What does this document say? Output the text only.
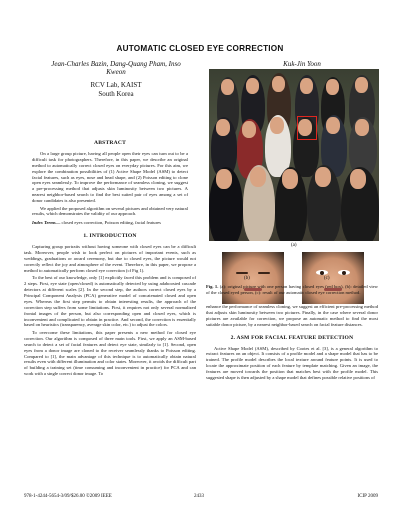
AUTOMATIC CLOSED EYE CORRECTION
Jean-Charles Bazin, Dang-Quang Pham, Inso Kweon
Kuk-Jin Yoon
RCV Lab, KAIST
South Korea
ABSTRACT

On a large group picture, having all people open their eyes can turn out to be a difficult task for photographers. Therefore, in this paper, we describe an original method to automatically correct closed eyes on everyday pictures. For this aim, we explore the combination possibilities of (1) Active Shape Model (ASM) to detect facial features, such as eyes, nose and head shape, and (2) Poisson editing to clone open eyes seamlessly. To improve the performance of seamless cloning, we suggest a pre-processing method that adjusts skin luminosity between two pictures. A nearest neighbor-based search to find the best suited pair of eyes among a set of donor candidates is also presented.

We applied the proposed algorithm on several pictures and obtained very natural results, which demonstrates the validity of our approach.

Index Terms— closed eyes correction, Poisson editing, facial features
1. INTRODUCTION

Capturing group portraits without having someone with closed eyes can be a difficult task. Moreover, people wish to look perfect on pictures of important events, such as weddings, graduations or award ceremony, but due to closed eyes, the picture would not correctly reflect the joy and atmosphere of the event. Therefore, in this paper, we propose a method to automatically perform closed eye correction (cf Fig 1).

To the best of our knowledge, only [1] explicitly faced this problem and is composed of 2 steps. First, eye state (open/closed) is automatically detected by using adaboosted cascade detectors at different scales [2]. In the second step, the authors correct closed eyes by a Principal Component Analysis (PCA) generative model of concatenated closed and open eyes. Whereas the first step permits to obtain interesting results, the approach of the correction step suffers from some limitations. First, it requires not only several normalized frontal images of the person, but also corresponding open and closed eyes, which is inconvenient and complicated to obtain in practice. And second, the correction is essentially based on heuristics (transparency, average skin color, etc.) to adjust the colors.

To overcome these limitations, this paper presents a new method for closed eye correction. Our algorithm is composed of three main tools. First, we apply an ASM-based search to detect a set of facial features and detect eye state, similarly to [1]. Second, open eyes from a donor image are cloned to the receiver seamlessly thanks to Poisson editing. Compared to [1], the main advantage of this technique is to automatically obtain natural results even with different illumination and color states. Moreover, it avoids the difficult part of building a training set (time consuming and inconvenient in practice) for PCA and can work with a single correct donor image. To

(a)
(b)	(c)
Fig. 1. (a): original picture with one person having closed eyes (red box), (b): detailed view of the closed eyed person, (c): result of our automatic closed eye correction method.

enhance the performance of seamless cloning, we suggest an efficient pre-processing method that adjusts skin luminosity between two pictures. Finally, in the case where several donor pictures are available for correction, we propose an automatic method to find the most suitable donor picture, by a nearest neighbor-based search on facial feature distances.

2. ASM FOR FACIAL FEATURE DETECTION

Active Shape Model (ASM), described by Cootes et al. [3], is a general algorithm to extract features on an object. It consists of a profile model and a shape model that has to be trained. The profile model describes the local texture around feature points. It is used to locate the approximate position of each feature by template matching. Given an image, the features are moved towards the position that matches best with the profile model. This suggested shape is then adjusted by a shape model that defines possible relative positions of

978-1-4244-5654-3/09/$26.00 ©2009 IEEE	2433	ICIP 2009
